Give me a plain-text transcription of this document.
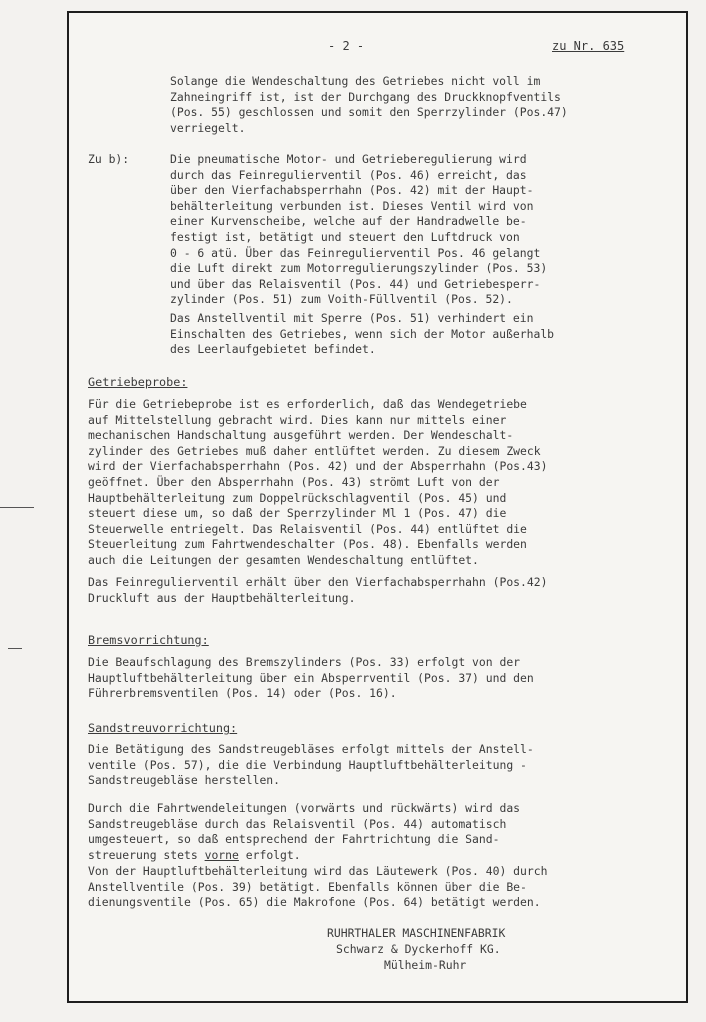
- 2 -	zu Nr. 635

Solange die Wendeschaltung des Getriebes nicht voll im
Zahneingriff ist, ist der Durchgang des Druckknopfventils
(Pos. 55) geschlossen und somit den Sperrzylinder (Pos.47)
verriegelt.

Zu b):	Die pneumatische Motor- und Getrieberegulierung wird
durch das Feinregulierventil (Pos. 46) erreicht, das
über den Vierfachabsperrhahn (Pos. 42) mit der Haupt-
behälterleitung verbunden ist. Dieses Ventil wird von
einer Kurvenscheibe, welche auf der Handradwelle be-
festigt ist, betätigt und steuert den Luftdruck von
0 - 6 atü. Über das Feinregulierventil Pos. 46 gelangt
die Luft direkt zum Motorregulierungszylinder (Pos. 53)
und über das Relaisventil (Pos. 44) und Getriebesperr-
zylinder (Pos. 51) zum Voith-Füllventil (Pos. 52).

Das Anstellventil mit Sperre (Pos. 51) verhindert ein
Einschalten des Getriebes, wenn sich der Motor außerhalb
des Leerlaufgebietet befindet.

Getriebeprobe:

Für die Getriebeprobe ist es erforderlich, daß das Wendegetriebe
auf Mittelstellung gebracht wird. Dies kann nur mittels einer
mechanischen Handschaltung ausgeführt werden. Der Wendeschalt-
zylinder des Getriebes muß daher entlüftet werden. Zu diesem Zweck
wird der Vierfachabsperrhahn (Pos. 42) und der Absperrhahn (Pos.43)
geöffnet. Über den Absperrhahn (Pos. 43) strömt Luft von der
Hauptbehälterleitung zum Doppelrückschlagventil (Pos. 45) und
steuert diese um, so daß der Sperrzylinder Ml 1 (Pos. 47) die
Steuerwelle entriegelt. Das Relaisventil (Pos. 44) entlüftet die
Steuerleitung zum Fahrtwendeschalter (Pos. 48). Ebenfalls werden
auch die Leitungen der gesamten Wendeschaltung entlüftet.

Das Feinregulierventil erhält über den Vierfachabsperrhahn (Pos.42)
Druckluft aus der Hauptbehälterleitung.

Bremsvorrichtung:

Die Beaufschlagung des Bremszylinders (Pos. 33) erfolgt von der
Hauptluftbehälterleitung über ein Absperrventil (Pos. 37) und den
Führerbremsventilen (Pos. 14) oder (Pos. 16).

Sandstreuvorrichtung:

Die Betätigung des Sandstreugebläses erfolgt mittels der Anstell-
ventile (Pos. 57), die die Verbindung Hauptluftbehälterleitung -
Sandstreugebläse herstellen.

Durch die Fahrtwendeleitungen (vorwärts und rückwärts) wird das
Sandstreugebläse durch das Relaisventil (Pos. 44) automatisch
umgesteuert, so daß entsprechend der Fahrtrichtung die Sand-
streuerung stets vorne erfolgt.

Von der Hauptluftbehälterleitung wird das Läutewerk (Pos. 40) durch
Anstellventile (Pos. 39) betätigt. Ebenfalls können über die Be-
dienungsventile (Pos. 65) die Makrofone (Pos. 64) betätigt werden.

RUHRTHALER MASCHINENFABRIK

Schwarz & Dyckerhoff KG.

Mülheim-Ruhr
